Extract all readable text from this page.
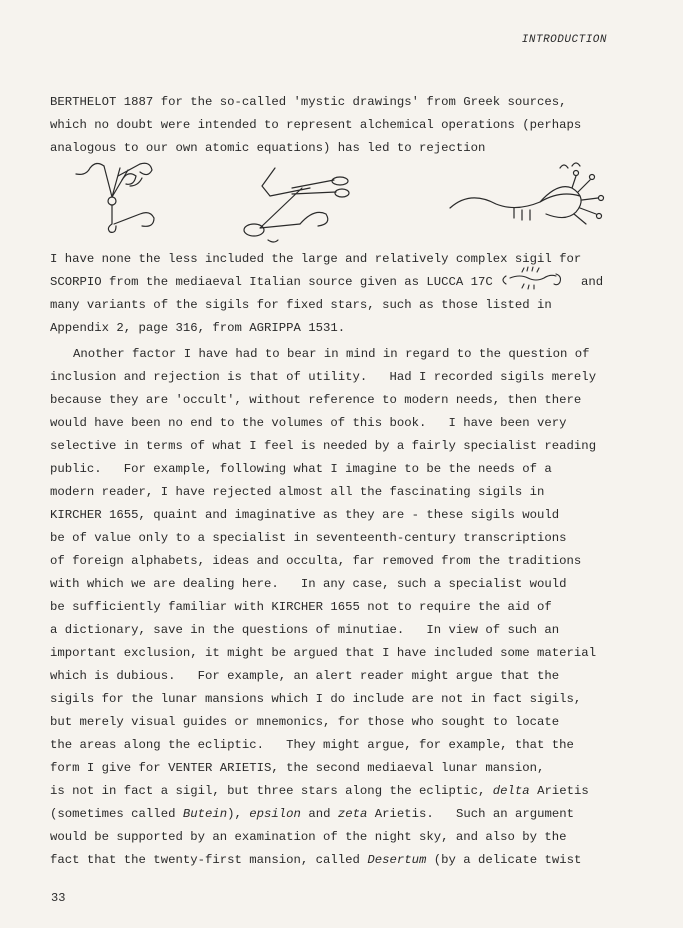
INTRODUCTION
BERTHELOT 1887 for the so-called 'mystic drawings' from Greek sources,
which no doubt were intended to represent alchemical operations (perhaps
analogous to our own atomic equations) has led to rejection
I have none the less included the large and relatively complex sigil for
SCORPIO from the mediaeval Italian source given as LUCCA 17C	and
many variants of the sigils for fixed stars, such as those listed in
Appendix 2, page 316, from AGRIPPA 1531.
Another factor I have had to bear in mind in regard to the question of
inclusion and rejection is that of utility.   Had I recorded sigils merely
because they are 'occult', without reference to modern needs, then there
would have been no end to the volumes of this book.   I have been very
selective in terms of what I feel is needed by a fairly specialist reading
public.   For example, following what I imagine to be the needs of a
modern reader, I have rejected almost all the fascinating sigils in
KIRCHER 1655, quaint and imaginative as they are - these sigils would
be of value only to a specialist in seventeenth-century transcriptions
of foreign alphabets, ideas and occulta, far removed from the traditions
with which we are dealing here.   In any case, such a specialist would
be sufficiently familiar with KIRCHER 1655 not to require the aid of
a dictionary, save in the questions of minutiae.   In view of such an
important exclusion, it might be argued that I have included some material
which is dubious.   For example, an alert reader might argue that the
sigils for the lunar mansions which I do include are not in fact sigils,
but merely visual guides or mnemonics, for those who sought to locate
the areas along the ecliptic.   They might argue, for example, that the
form I give for VENTER ARIETIS, the second mediaeval lunar mansion,
is not in fact a sigil, but three stars along the ecliptic, delta Arietis
(sometimes called Butein), epsilon and zeta Arietis.   Such an argument
would be supported by an examination of the night sky, and also by the
fact that the twenty-first mansion, called Desertum (by a delicate twist
33
